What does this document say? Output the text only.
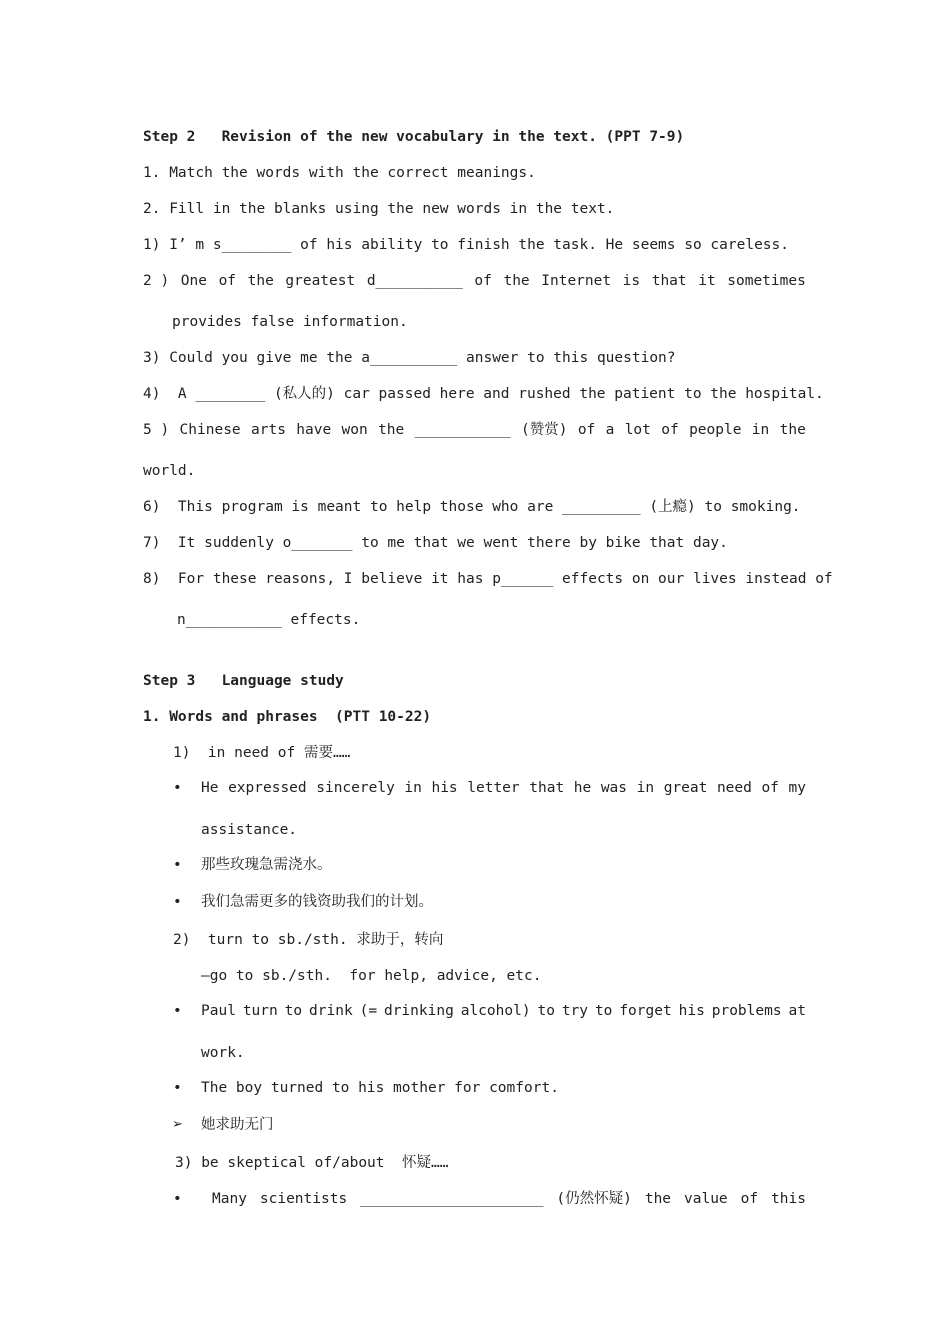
Step 2   Revision of the new vocabulary in the text. (PPT 7-9)
1. Match the words with the correct meanings.
2. Fill in the blanks using the new words in the text.
1) I’ m s________ of his ability to finish the task. He seems so careless.
2 ) One of the greatest d__________ of the Internet is that it sometimes
provides false information.
3) Could you give me the a__________ answer to this question?
4)  A ________ (私人的) car passed here and rushed the patient to the hospital.
5 ) Chinese arts have won the ___________ (赞赏) of a lot of people in the
world.
6)  This program is meant to help those who are _________ (上瘾) to smoking.
7)  It suddenly o_______ to me that we went there by bike that day.
8)  For these reasons, I believe it has p______ effects on our lives instead of
n___________ effects.
Step 3   Language study
1. Words and phrases  (PTT 10-22)
1)  in need of 需要……
• He expressed sincerely in his letter that he was in great need of my
assistance.
• 那些玫瑰急需浇水。
• 我们急需更多的钱资助我们的计划。
2)  turn to sb./sth. 求助于，转向
—go to sb./sth.  for help, advice, etc.
• Paul turn to drink (= drinking alcohol) to try to forget his problems at
work.
• The boy turned to his mother for comfort.
➢ 她求助无门
3) be skeptical of/about  怀疑……
• Many scientists _____________________ (仍然怀疑) the value of this
